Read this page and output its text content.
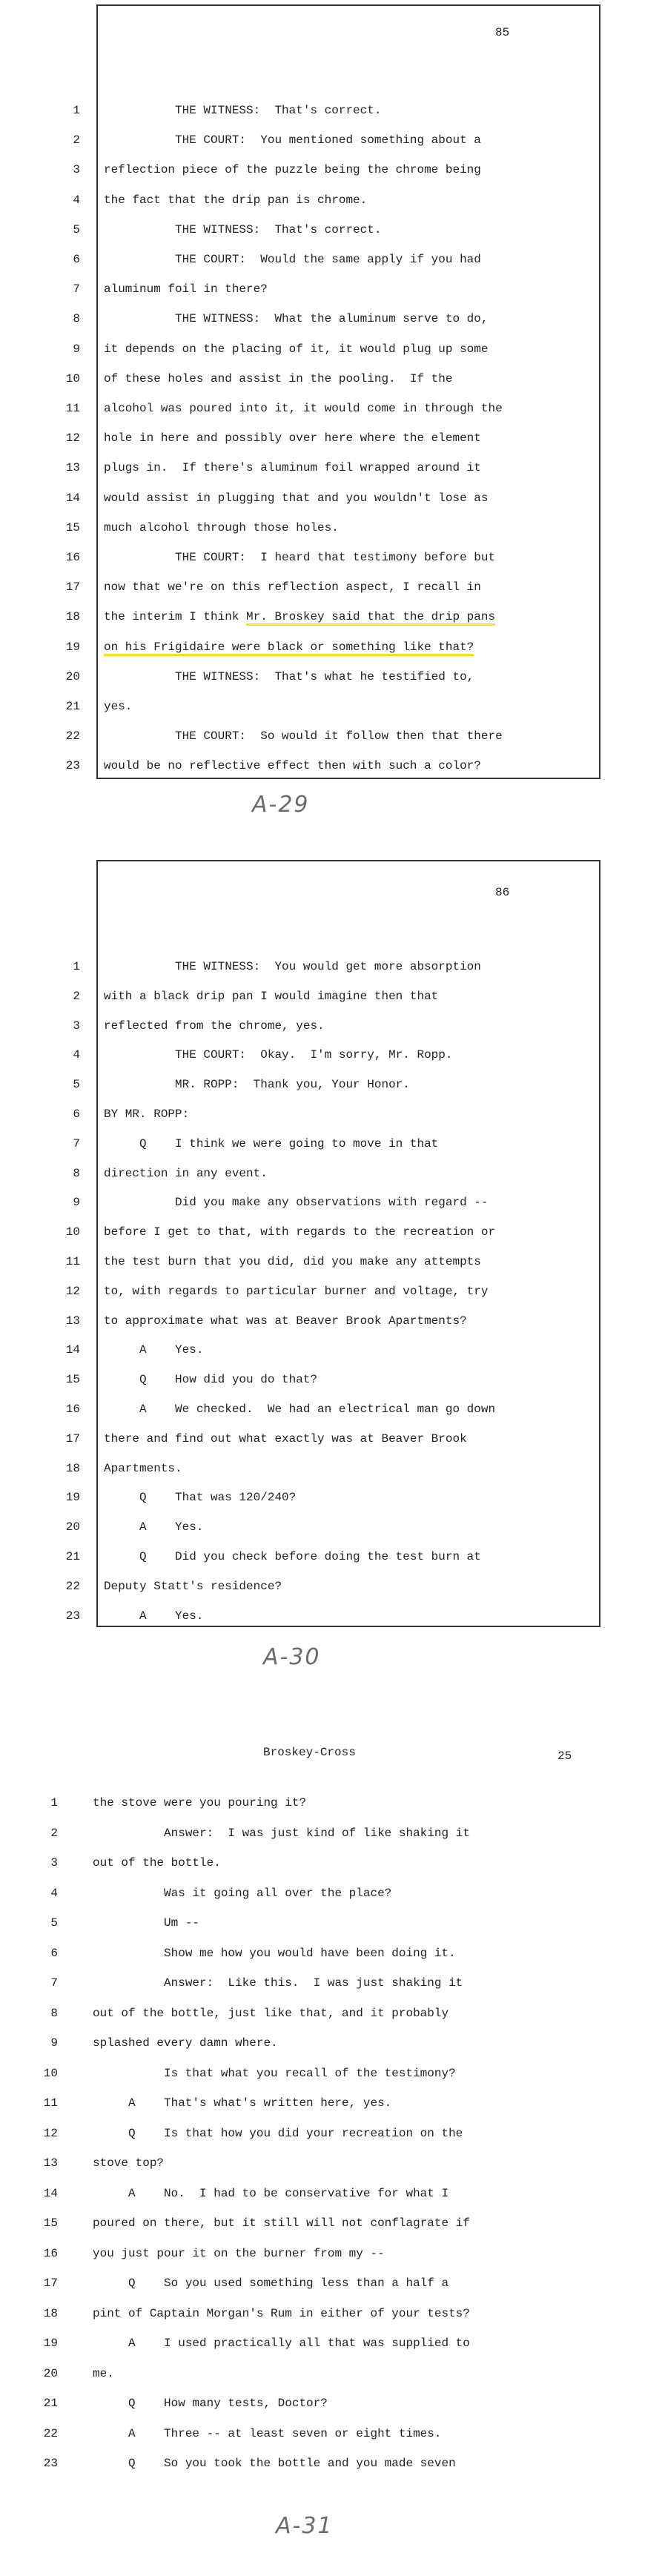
85
1 THE WITNESS:  That's correct.
2 THE COURT:  You mentioned something about a
3 reflection piece of the puzzle being the chrome being
4 the fact that the drip pan is chrome.
5 THE WITNESS:  That's correct.
6 THE COURT:  Would the same apply if you had
7 aluminum foil in there?
8 THE WITNESS:  What the aluminum serve to do,
9 it depends on the placing of it, it would plug up some
10 of these holes and assist in the pooling.  If the
11 alcohol was poured into it, it would come in through the
12 hole in here and possibly over here where the element
13 plugs in.  If there's aluminum foil wrapped around it
14 would assist in plugging that and you wouldn't lose as
15 much alcohol through those holes.
16 THE COURT:  I heard that testimony before but
17 now that we're on this reflection aspect, I recall in
18 the interim I think Mr. Broskey said that the drip pans
19 on his Frigidaire were black or something like that?
20 THE WITNESS:  That's what he testified to,
21 yes.
22 THE COURT:  So would it follow then that there
23 would be no reflective effect then with such a color?
A-29
86
1 THE WITNESS:  You would get more absorption
2 with a black drip pan I would imagine then that
3 reflected from the chrome, yes.
4 THE COURT:  Okay.  I'm sorry, Mr. Ropp.
5 MR. ROPP:  Thank you, Your Honor.
6 BY MR. ROPP:
7 Q    I think we were going to move in that
8 direction in any event.
9 Did you make any observations with regard --
10 before I get to that, with regards to the recreation or
11 the test burn that you did, did you make any attempts
12 to, with regards to particular burner and voltage, try
13 to approximate what was at Beaver Brook Apartments?
14 A    Yes.
15 Q    How did you do that?
16 A    We checked.  We had an electrical man go down
17 there and find out what exactly was at Beaver Brook
18 Apartments.
19 Q    That was 120/240?
20 A    Yes.
21 Q    Did you check before doing the test burn at
22 Deputy Statt's residence?
23 A    Yes.
A-30
Broskey-Cross	25
1	the stove were you pouring it?
2	Answer:  I was just kind of like shaking it
3	out of the bottle.
4	Was it going all over the place?
5	Um --
6	Show me how you would have been doing it.
7	Answer:  Like this.  I was just shaking it
8	out of the bottle, just like that, and it probably
9	splashed every damn where.
10	Is that what you recall of the testimony?
11	A    That's what's written here, yes.
12	Q    Is that how you did your recreation on the
13	stove top?
14	A    No.  I had to be conservative for what I
15	poured on there, but it still will not conflagrate if
16	you just pour it on the burner from my --
17	Q    So you used something less than a half a
18	pint of Captain Morgan's Rum in either of your tests?
19	A    I used practically all that was supplied to
20	me.
21	Q    How many tests, Doctor?
22	A    Three -- at least seven or eight times.
23	Q    So you took the bottle and you made seven
A-31
